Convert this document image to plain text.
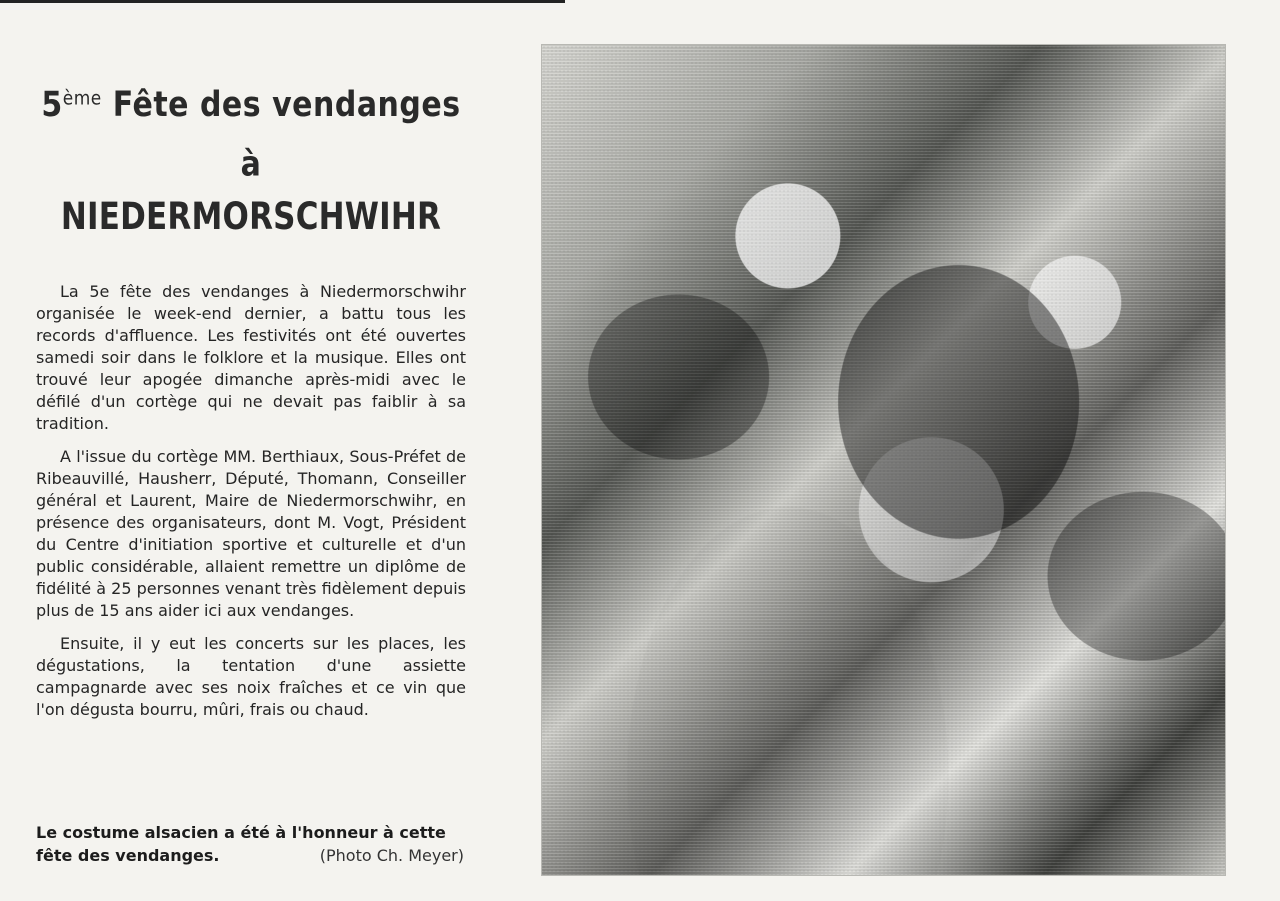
5ème Fête des vendanges à
NIEDERMORSCHWIHR

La 5e fête des vendanges à Niedermorschwihr organisée le week-end dernier, a battu tous les records d'affluence. Les festivités ont été ouvertes samedi soir dans le folklore et la musique. Elles ont trouvé leur apogée dimanche après-midi avec le défilé d'un cortège qui ne devait pas faiblir à sa tradition.

A l'issue du cortège MM. Berthiaux, Sous-Préfet de Ribeauvillé, Hausherr, Député, Thomann, Conseiller général et Laurent, Maire de Niedermorschwihr, en présence des organisateurs, dont M. Vogt, Président du Centre d'initiation sportive et culturelle et d'un public considérable, allaient remettre un diplôme de fidélité à 25 personnes venant très fidèlement depuis plus de 15 ans aider ici aux vendanges.

Ensuite, il y eut les concerts sur les places, les dégustations, la tentation d'une assiette campagnarde avec ses noix fraîches et ce vin que l'on dégusta bourru, mûri, frais ou chaud.

Le costume alsacien a été à l'honneur à cette fête des vendanges.	(Photo Ch. Meyer)
